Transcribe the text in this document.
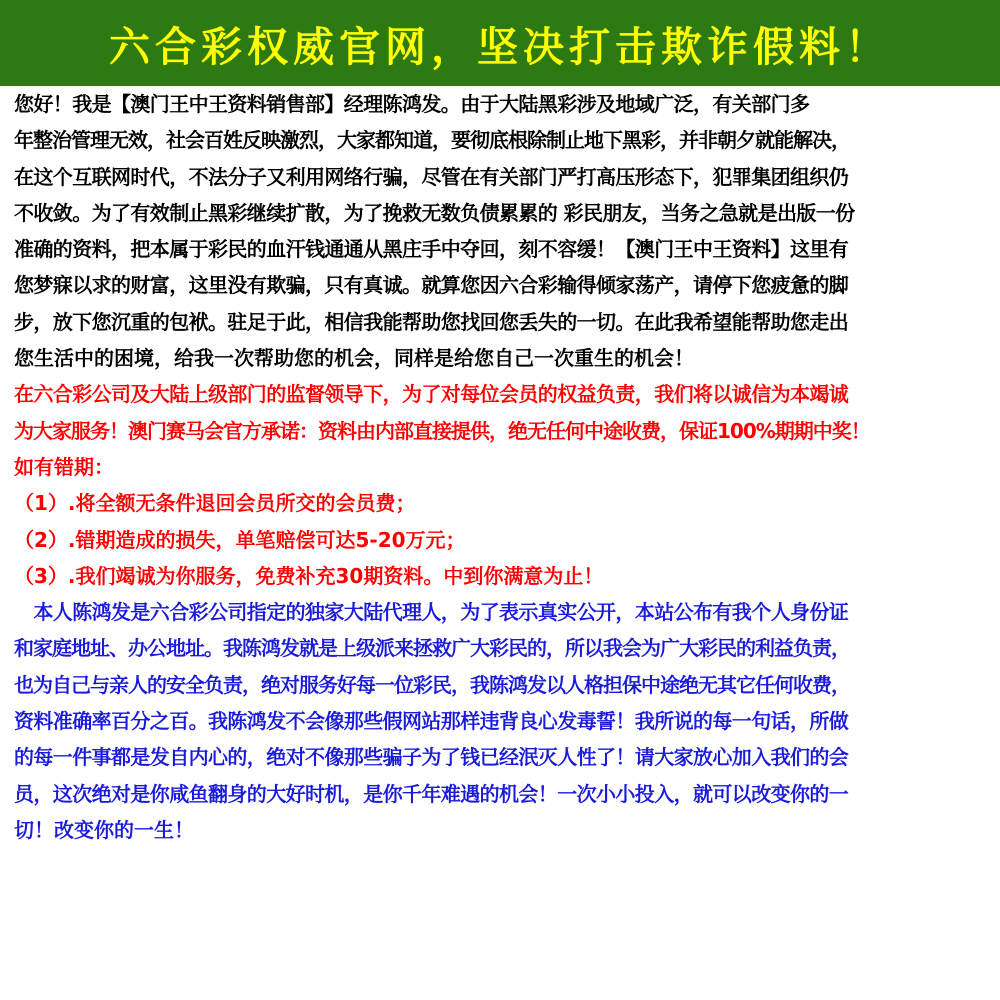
六合彩权威官网，坚决打击欺诈假料！
您好！我是【澳门王中王资料销售部】经理陈鸿发。由于大陆黑彩涉及地域广泛，有关部门多
年整治管理无效，社会百姓反映激烈，大家都知道，要彻底根除制止地下黑彩，并非朝夕就能解决，
在这个互联网时代，不法分子又利用网络行骗，尽管在有关部门严打高压形态下，犯罪集团组织仍
不收敛。为了有效制止黑彩继续扩散，为了挽救无数负债累累的 彩民朋友，当务之急就是出版一份
准确的资料，把本属于彩民的血汗钱通通从黑庄手中夺回，刻不容缓！【澳门王中王资料】这里有
您梦寐以求的财富，这里没有欺骗，只有真诚。就算您因六合彩输得倾家荡产，请停下您疲惫的脚
步，放下您沉重的包袱。驻足于此，相信我能帮助您找回您丢失的一切。在此我希望能帮助您走出
您生活中的困境，给我一次帮助您的机会，同样是给您自己一次重生的机会！
在六合彩公司及大陆上级部门的监督领导下，为了对每位会员的权益负责，我们将以诚信为本竭诚
为大家服务！澳门赛马会官方承诺：资料由内部直接提供，绝无任何中途收费，保证100%期期中奖！
如有错期：
（1）.将全额无条件退回会员所交的会员费；
（2）.错期造成的损失，单笔赔偿可达5-20万元；
（3）.我们竭诚为你服务，免费补充30期资料。中到你满意为止！
　本人陈鸿发是六合彩公司指定的独家大陆代理人，为了表示真实公开，本站公布有我个人身份证
和家庭地址、办公地址。我陈鸿发就是上级派来拯救广大彩民的，所以我会为广大彩民的利益负责，
也为自己与亲人的安全负责，绝对服务好每一位彩民，我陈鸿发以人格担保中途绝无其它任何收费，
资料准确率百分之百。我陈鸿发不会像那些假网站那样违背良心发毒誓！我所说的每一句话，所做
的每一件事都是发自内心的，绝对不像那些骗子为了钱已经泯灭人性了！请大家放心加入我们的会
员，这次绝对是你咸鱼翻身的大好时机，是你千年难遇的机会！一次小小投入，就可以改变你的一
切！改变你的一生！
